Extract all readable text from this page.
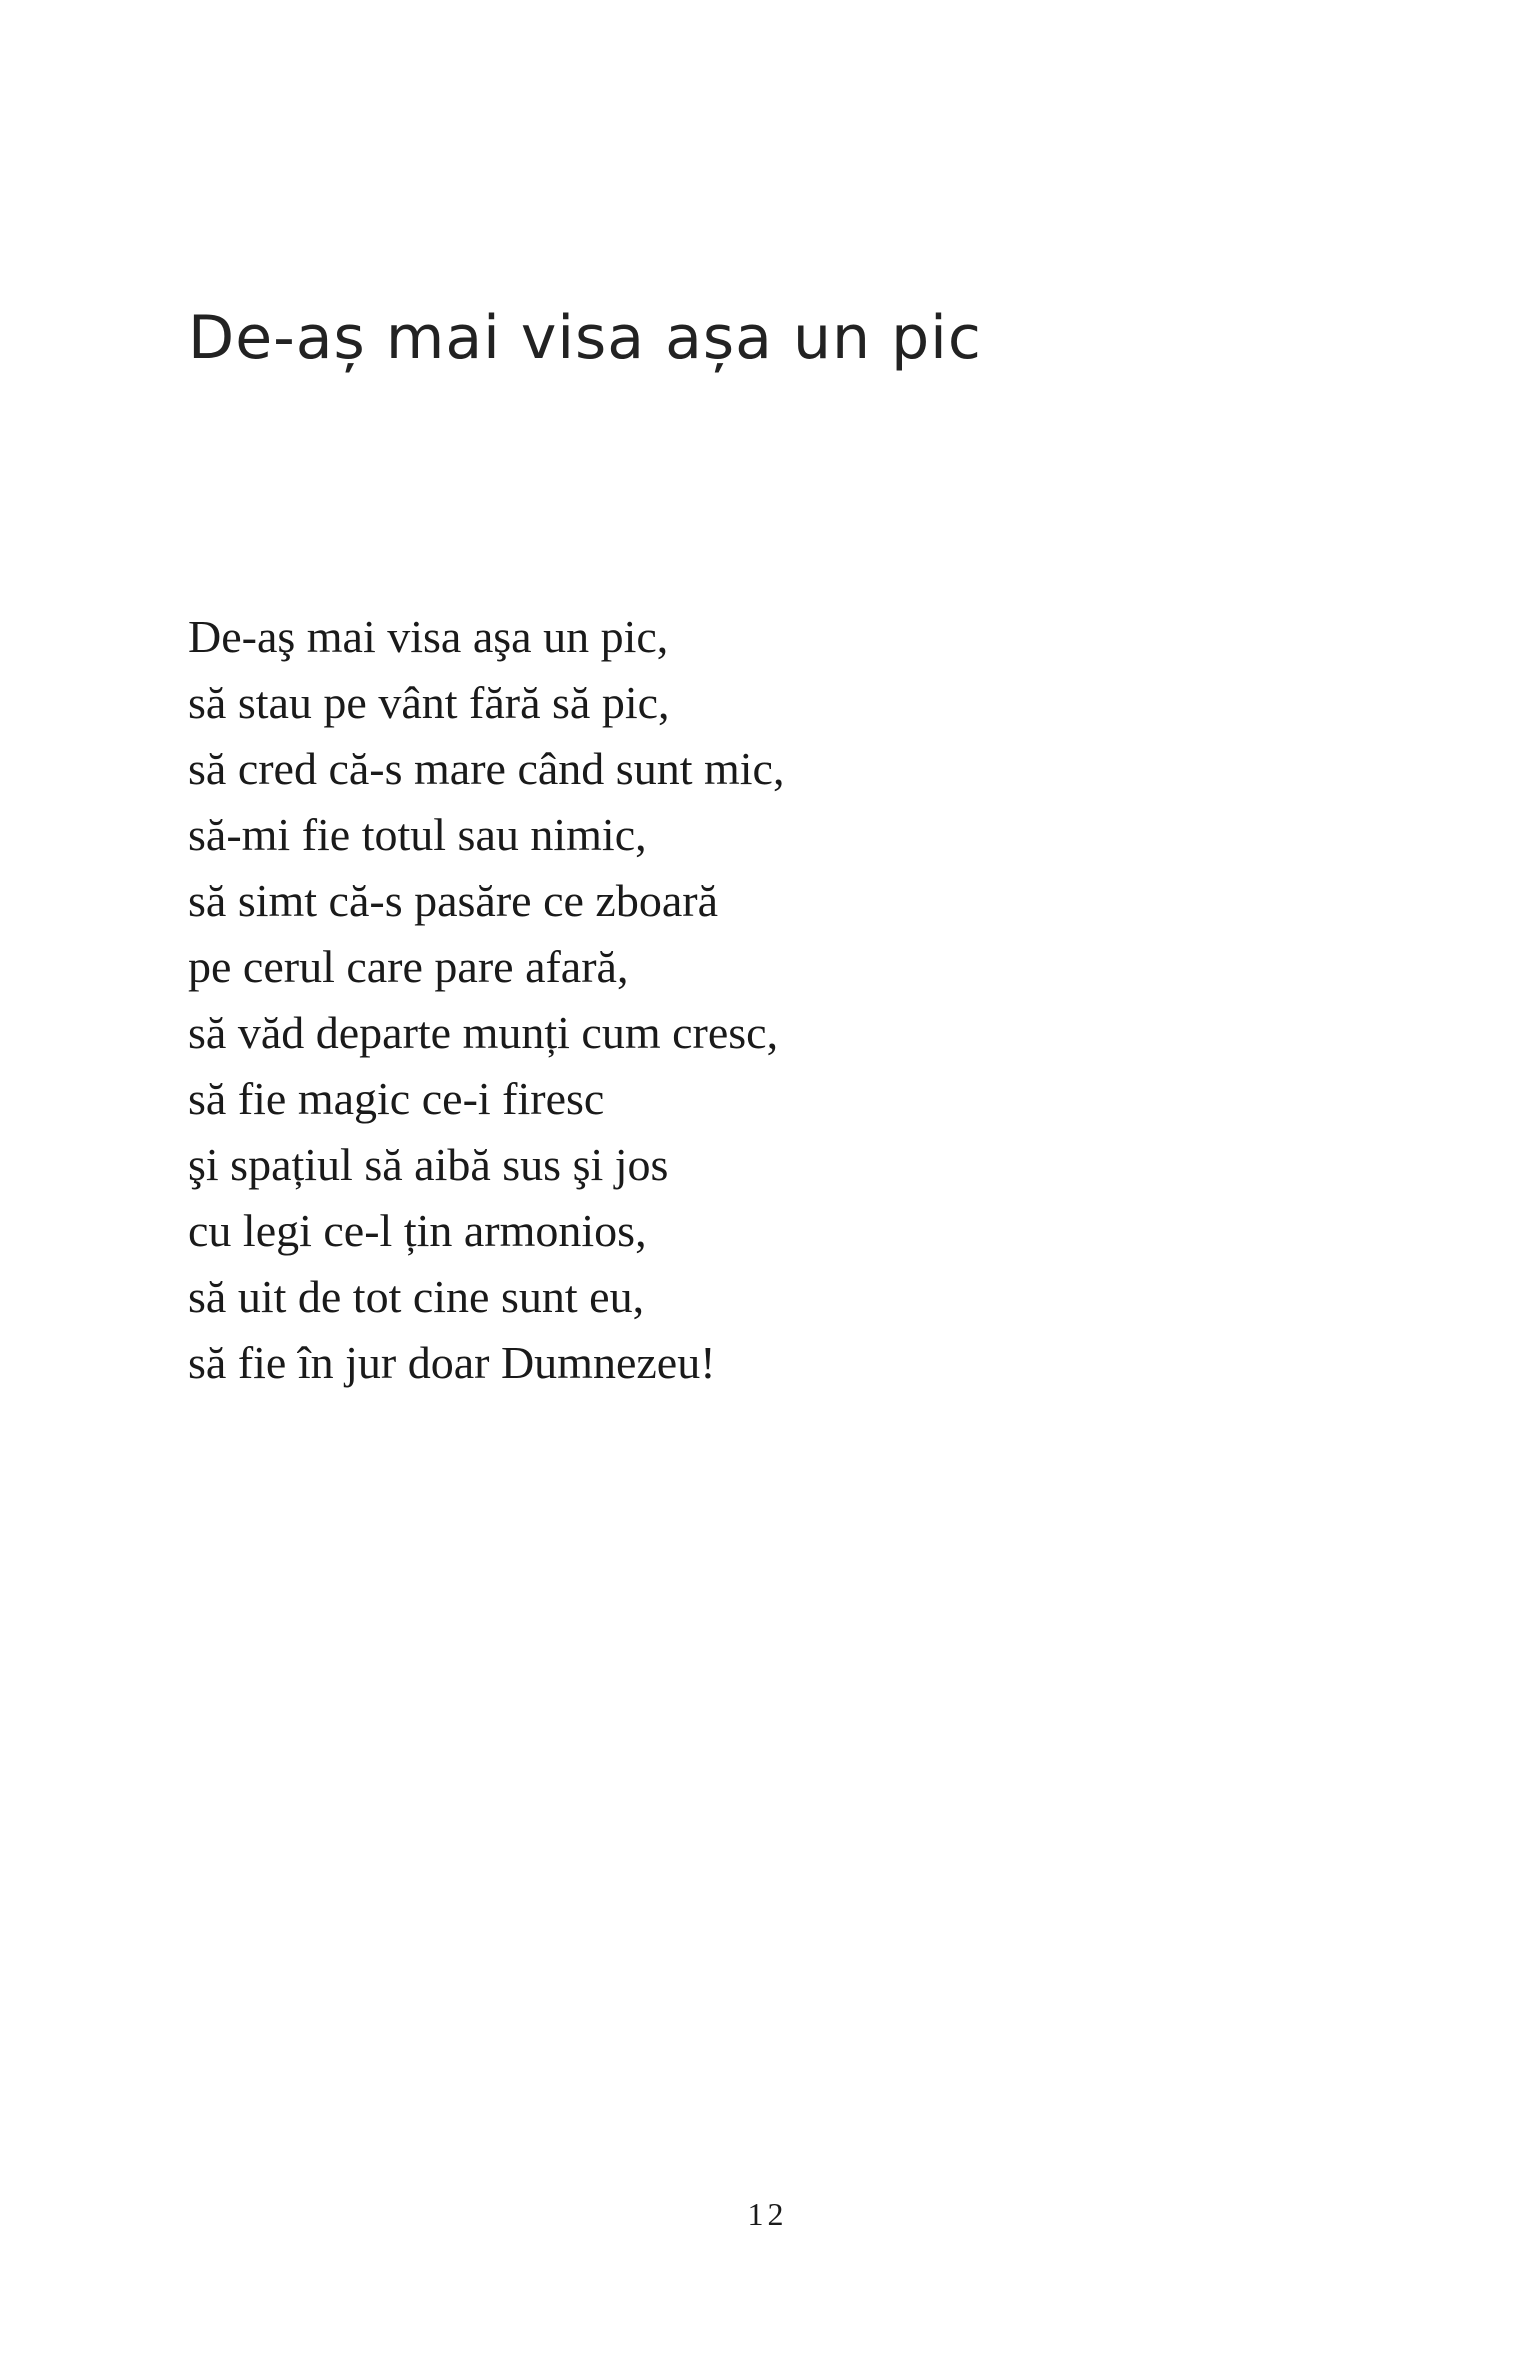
De-aș mai visa așa un pic
De-aş mai visa aşa un pic,
să stau pe vânt fără să pic,
să cred că-s mare când sunt mic,
să-mi fie totul sau nimic,
să simt că-s pasăre ce zboară
pe cerul care pare afară,
să văd departe munți cum cresc,
să fie magic ce-i firesc
şi spațiul să aibă sus şi jos
cu legi ce-l țin armonios,
să uit de tot cine sunt eu,
să fie în jur doar Dumnezeu!
12
